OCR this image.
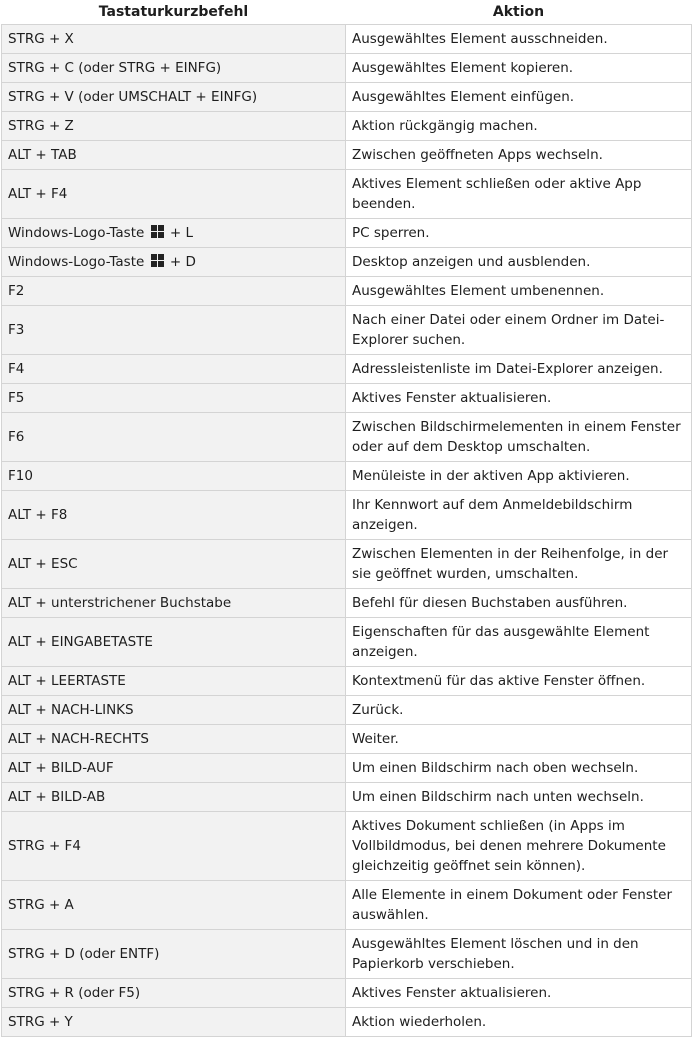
Tastaturkurzbefehl	Aktion
STRG + X	Ausgewähltes Element ausschneiden.
STRG + C (oder STRG + EINFG)	Ausgewähltes Element kopieren.
STRG + V (oder UMSCHALT + EINFG)	Ausgewähltes Element einfügen.
STRG + Z	Aktion rückgängig machen.
ALT + TAB	Zwischen geöffneten Apps wechseln.
ALT + F4	Aktives Element schließen oder aktive App beenden.
Windows-Logo-Taste + L	PC sperren.
Windows-Logo-Taste + D	Desktop anzeigen und ausblenden.
F2	Ausgewähltes Element umbenennen.
F3	Nach einer Datei oder einem Ordner im Datei-Explorer suchen.
F4	Adressleistenliste im Datei-Explorer anzeigen.
F5	Aktives Fenster aktualisieren.
F6	Zwischen Bildschirmelementen in einem Fenster oder auf dem Desktop umschalten.
F10	Menüleiste in der aktiven App aktivieren.
ALT + F8	Ihr Kennwort auf dem Anmeldebildschirm anzeigen.
ALT + ESC	Zwischen Elementen in der Reihenfolge, in der sie geöffnet wurden, umschalten.
ALT + unterstrichener Buchstabe	Befehl für diesen Buchstaben ausführen.
ALT + EINGABETASTE	Eigenschaften für das ausgewählte Element anzeigen.
ALT + LEERTASTE	Kontextmenü für das aktive Fenster öffnen.
ALT + NACH-LINKS	Zurück.
ALT + NACH-RECHTS	Weiter.
ALT + BILD-AUF	Um einen Bildschirm nach oben wechseln.
ALT + BILD-AB	Um einen Bildschirm nach unten wechseln.
STRG + F4	Aktives Dokument schließen (in Apps im Vollbildmodus, bei denen mehrere Dokumente gleichzeitig geöffnet sein können).
STRG + A	Alle Elemente in einem Dokument oder Fenster auswählen.
STRG + D (oder ENTF)	Ausgewähltes Element löschen und in den Papierkorb verschieben.
STRG + R (oder F5)	Aktives Fenster aktualisieren.
STRG + Y	Aktion wiederholen.
